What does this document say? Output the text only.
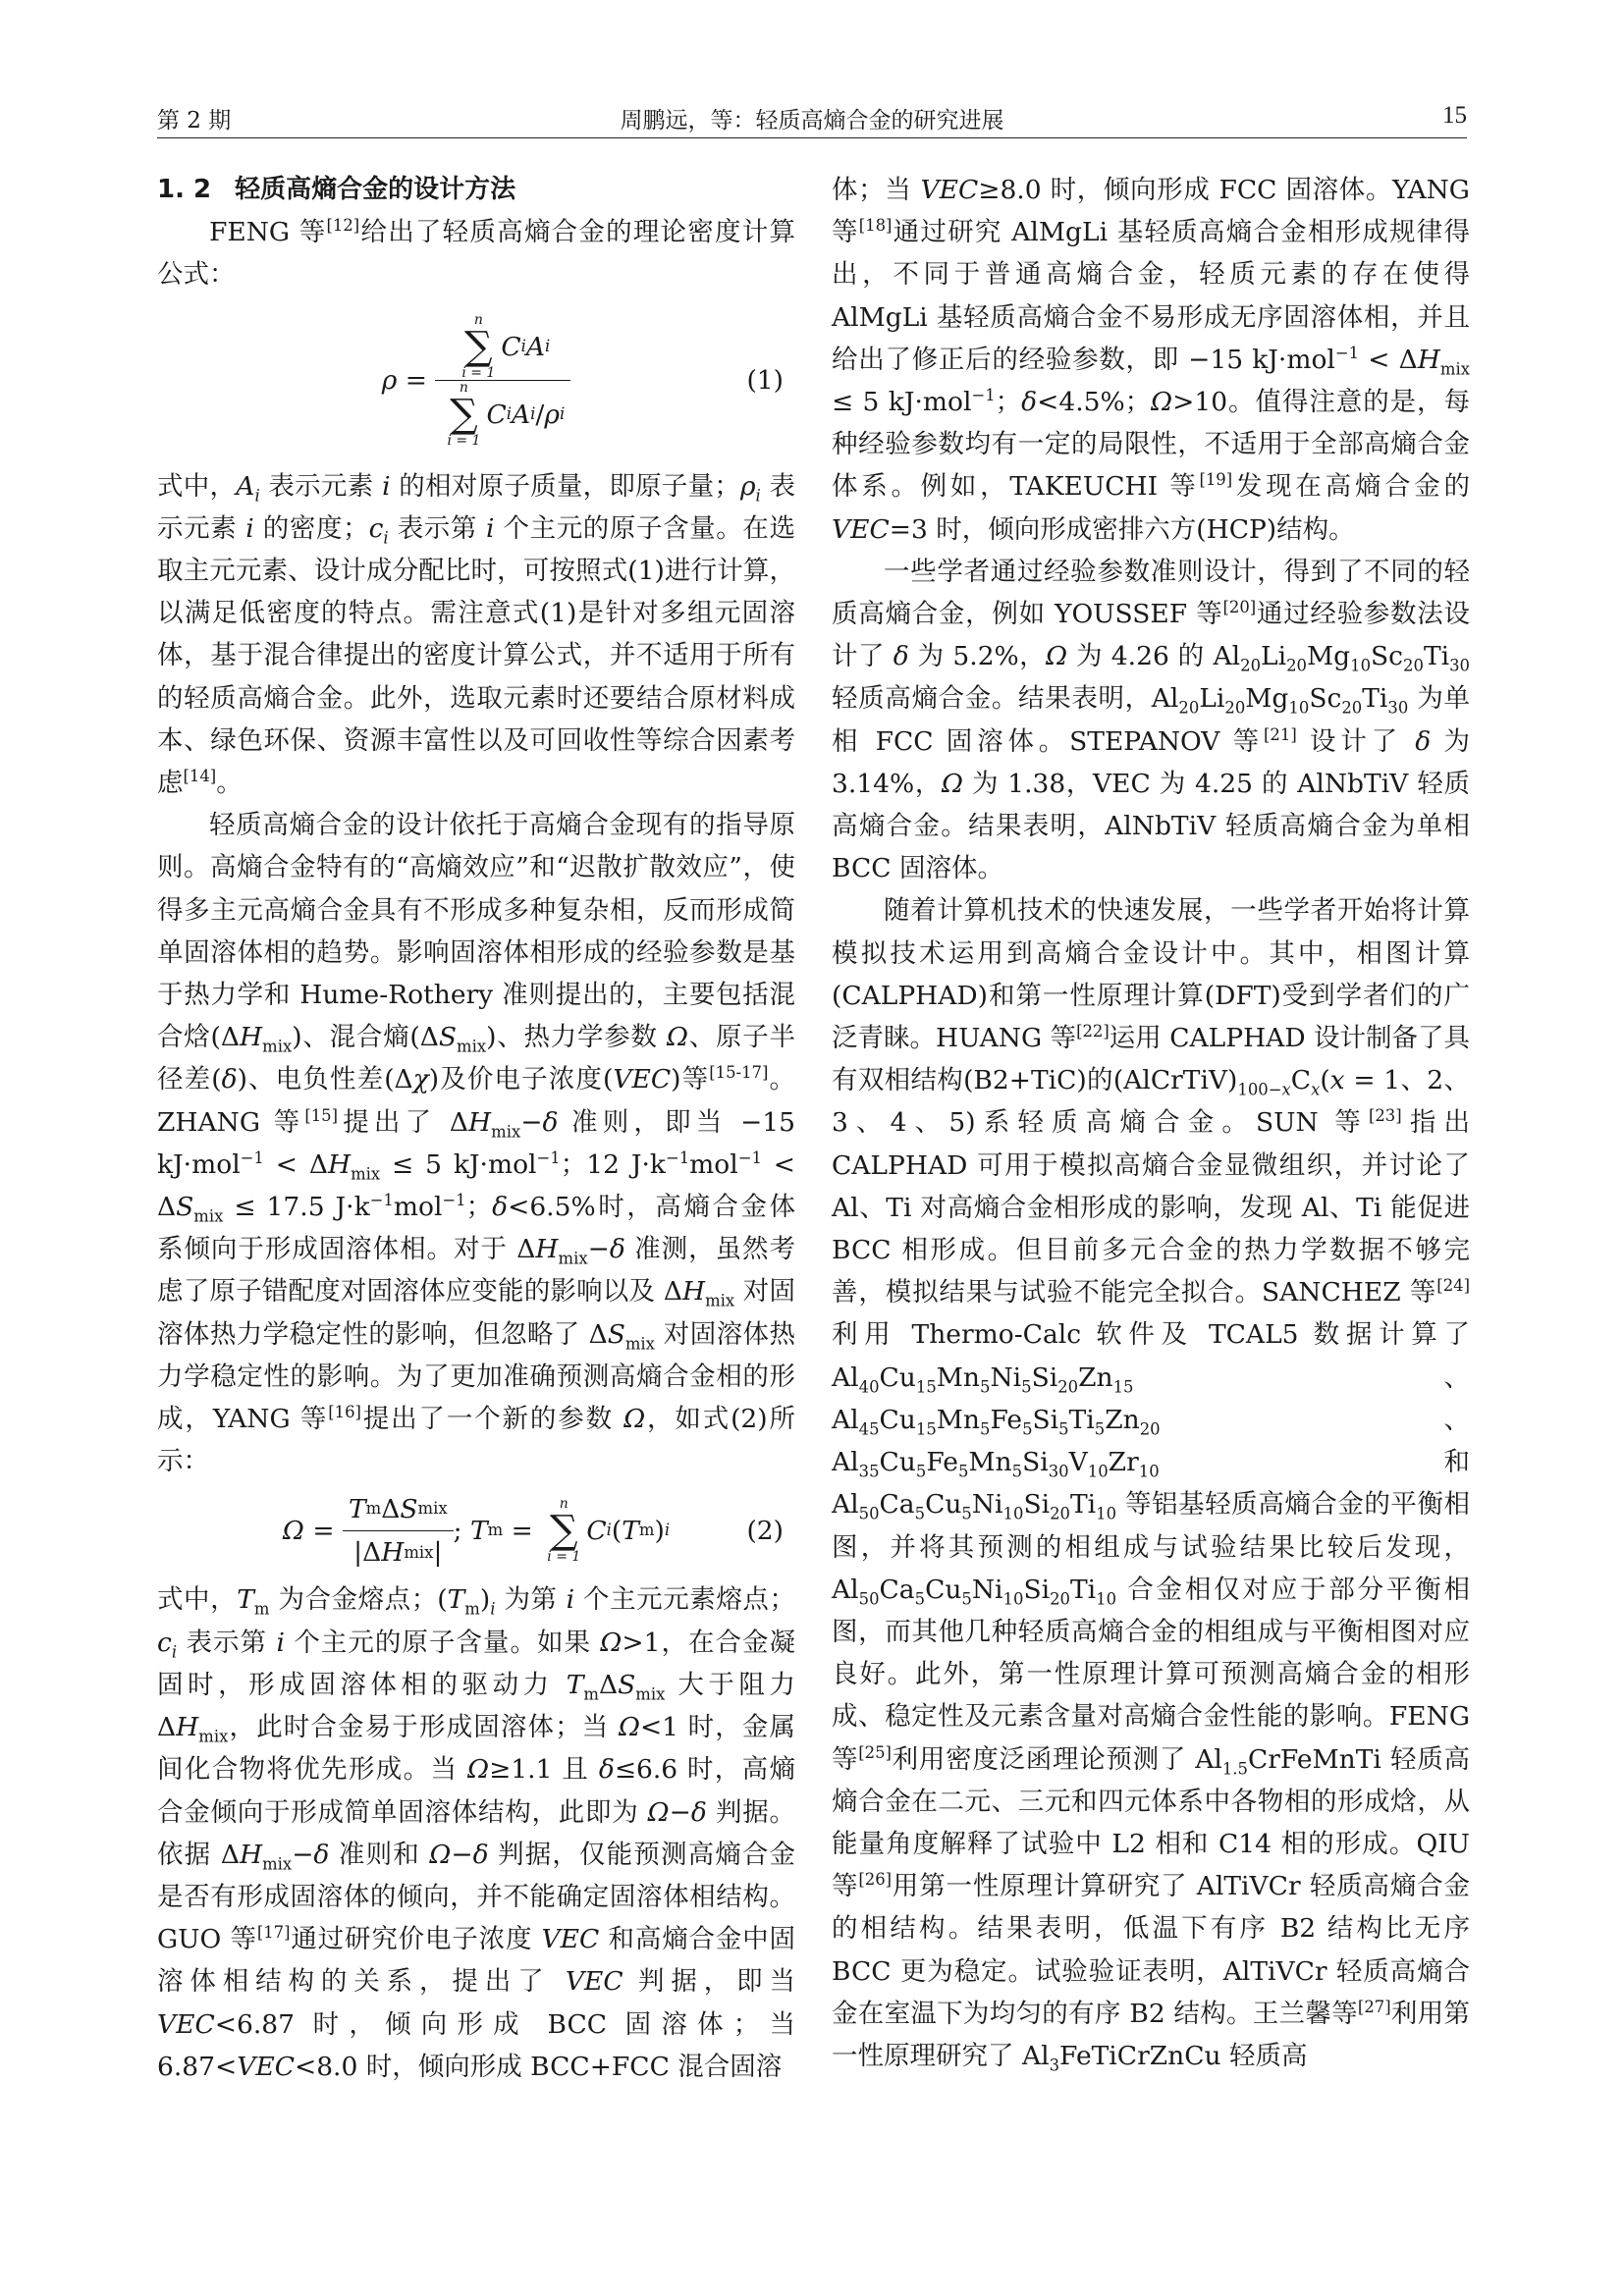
第 2 期	周鹏远，等：轻质高熵合金的研究进展	15

1. 2 轻质高熵合金的设计方法

FENG 等[12]给出了轻质高熵合金的理论密度计算公式：

ρ = n
∑
i = 1
C i A i
n
∑
i = 1
C i A i / ρ i	(1)

式中，$A_i$ 表示元素 i 的相对原子质量，即原子量；$\rho_i$ 表示元素 i 的密度；$c_i$ 表示第 i 个主元的原子含量。在选取主元元素、设计成分配比时，可按照式(1)进行计算，以满足低密度的特点。需注意式(1)是针对多组元固溶体，基于混合律提出的密度计算公式，并不适用于所有的轻质高熵合金。此外，选取元素时还要结合原材料成本、绿色环保、资源丰富性以及可回收性等综合因素考虑[14]。

轻质高熵合金的设计依托于高熵合金现有的指导原则。高熵合金特有的“高熵效应”和“迟散扩散效应”，使得多主元高熵合金具有不形成多种复杂相，反而形成简单固溶体相的趋势。影响固溶体相形成的经验参数是基于热力学和 Hume-Rothery 准则提出的，主要包括混合焓$(\Delta H_{mix})$、混合熵$(\Delta S_{mix})$、热力学参数 Ω、原子半径差(δ)、电负性差(Δχ)及价电子浓度(VEC)等[15-17]。ZHANG 等[15]提出了 $\Delta H_{mix}-\delta$ 准则，即当 −15 $kJ\cdot mol^{-1} < \Delta H_{mix} \le 5$ kJ·mol$^{-1}$；12 $J\cdot k^{-1}mol^{-1} < \Delta S_{mix} \le 17.5$ $J\cdot k^{-1}mol^{-1}$；δ<6.5%时，高熵合金体系倾向于形成固溶体相。对于 $\Delta H_{mix}-\delta$ 准测，虽然考虑了原子错配度对固溶体应变能的影响以及 $\Delta H_{mix}$ 对固溶体热力学稳定性的影响，但忽略了 $\Delta S_{mix}$ 对固溶体热力学稳定性的影响。为了更加准确预测高熵合金相的形成，YANG 等[16]提出了一个新的参数 Ω，如式(2)所示：

$\Omega = \frac{\text{T m Δ S mix}}{\text{|Δ H mix |}}$ ; T m =
n
∑
i = 1
C i ( T m ) i	(2)

式中，$T_m$ 为合金熔点；$(T_m)_i$ 为第 i 个主元元素熔点；$c_i$ 表示第 i 个主元的原子含量。如果 Ω>1，在合金凝固时，形成固溶体相的驱动力 $T_m\Delta S_{mix}$ 大于阻力 $\Delta H_{mix}$，此时合金易于形成固溶体；当 Ω<1 时，金属间化合物将优先形成。当 Ω≥1.1 且 δ≤6.6 时，高熵合金倾向于形成简单固溶体结构，此即为 Ω−δ 判据。依据 $\Delta H_{mix}-\delta$ 准则和 Ω−δ 判据，仅能预测高熵合金是否有形成固溶体的倾向，并不能确定固溶体相结构。GUO 等[17]通过研究价电子浓度 VEC 和高熵合金中固溶体相结构的关系，提出了 VEC 判据，即当 VEC<6.87 时，倾向形成 BCC 固溶体；当 6.87<VEC<8.0 时，倾向形成 BCC+FCC 混合固溶

体；当 VEC≥8.0 时，倾向形成 FCC 固溶体。YANG 等[18]通过研究 AlMgLi 基轻质高熵合金相形成规律得出，不同于普通高熵合金，轻质元素的存在使得 AlMgLi 基轻质高熵合金不易形成无序固溶体相，并且给出了修正后的经验参数，即 −15 $kJ\cdot mol^{-1} < \Delta H_{mix} \le 5$ kJ·mol$^{-1}$；δ<4.5%；Ω>10。值得注意的是，每种经验参数均有一定的局限性，不适用于全部高熵合金体系。例如，TAKEUCHI 等[19]发现在高熵合金的 VEC=3 时，倾向形成密排六方(HCP)结构。

一些学者通过经验参数准则设计，得到了不同的轻质高熵合金，例如 YOUSSEF 等[20]通过经验参数法设计了 δ 为 5.2%，Ω 为 4.26 的 $Al_{20}Li_{20}Mg_{10}Sc_{20}Ti_{30}$ 轻质高熵合金。结果表明，$Al_{20}Li_{20}Mg_{10}Sc_{20}Ti_{30}$ 为单相 FCC 固溶体。STEPANOV 等[21] 设计了 δ 为 3.14%，Ω 为 1.38，VEC 为 4.25 的 AlNbTiV 轻质高熵合金。结果表明，AlNbTiV 轻质高熵合金为单相 BCC 固溶体。

随着计算机技术的快速发展，一些学者开始将计算模拟技术运用到高熵合金设计中。其中，相图计算(CALPHAD)和第一性原理计算(DFT)受到学者们的广泛青睐。HUANG 等[22]运用 CALPHAD 设计制备了具有双相结构(B2+TiC)的$(AlCrTiV)_{100-x}C_x(x = 1$、2、3、4、5)系轻质高熵合金。SUN 等[23]指出 CALPHAD 可用于模拟高熵合金显微组织，并讨论了 Al、Ti 对高熵合金相形成的影响，发现 Al、Ti 能促进 BCC 相形成。但目前多元合金的热力学数据不够完善，模拟结果与试验不能完全拟合。SANCHEZ 等[24]利用 Thermo-Calc 软件及 TCAL5 数据计算了 $Al_{40}Cu_{15}Mn_5Ni_5Si_{20}Zn_{15}$、$Al_{45}Cu_{15}Mn_5Fe_5Si_5Ti_5Zn_{20}$、$Al_{35}Cu_5Fe_5Mn_5Si_{30}V_{10}Zr_{10}$ 和 $Al_{50}Ca_5Cu_5Ni_{10}Si_{20}Ti_{10}$ 等铝基轻质高熵合金的平衡相图，并将其预测的相组成与试验结果比较后发现，$Al_{50}Ca_5Cu_5Ni_{10}Si_{20}Ti_{10}$ 合金相仅对应于部分平衡相图，而其他几种轻质高熵合金的相组成与平衡相图对应良好。此外，第一性原理计算可预测高熵合金的相形成、稳定性及元素含量对高熵合金性能的影响。FENG 等[25]利用密度泛函理论预测了 $Al_{1.5}CrFeMnTi$ 轻质高熵合金在二元、三元和四元体系中各物相的形成焓，从能量角度解释了试验中 L2 相和 C14 相的形成。QIU 等[26]用第一性原理计算研究了 AlTiVCr 轻质高熵合金的相结构。结果表明，低温下有序 B2 结构比无序 BCC 更为稳定。试验验证表明，AlTiVCr 轻质高熵合金在室温下为均匀的有序 B2 结构。王兰馨等[27]利用第一性原理研究了 $Al_3FeTiCrZnCu$ 轻质高
